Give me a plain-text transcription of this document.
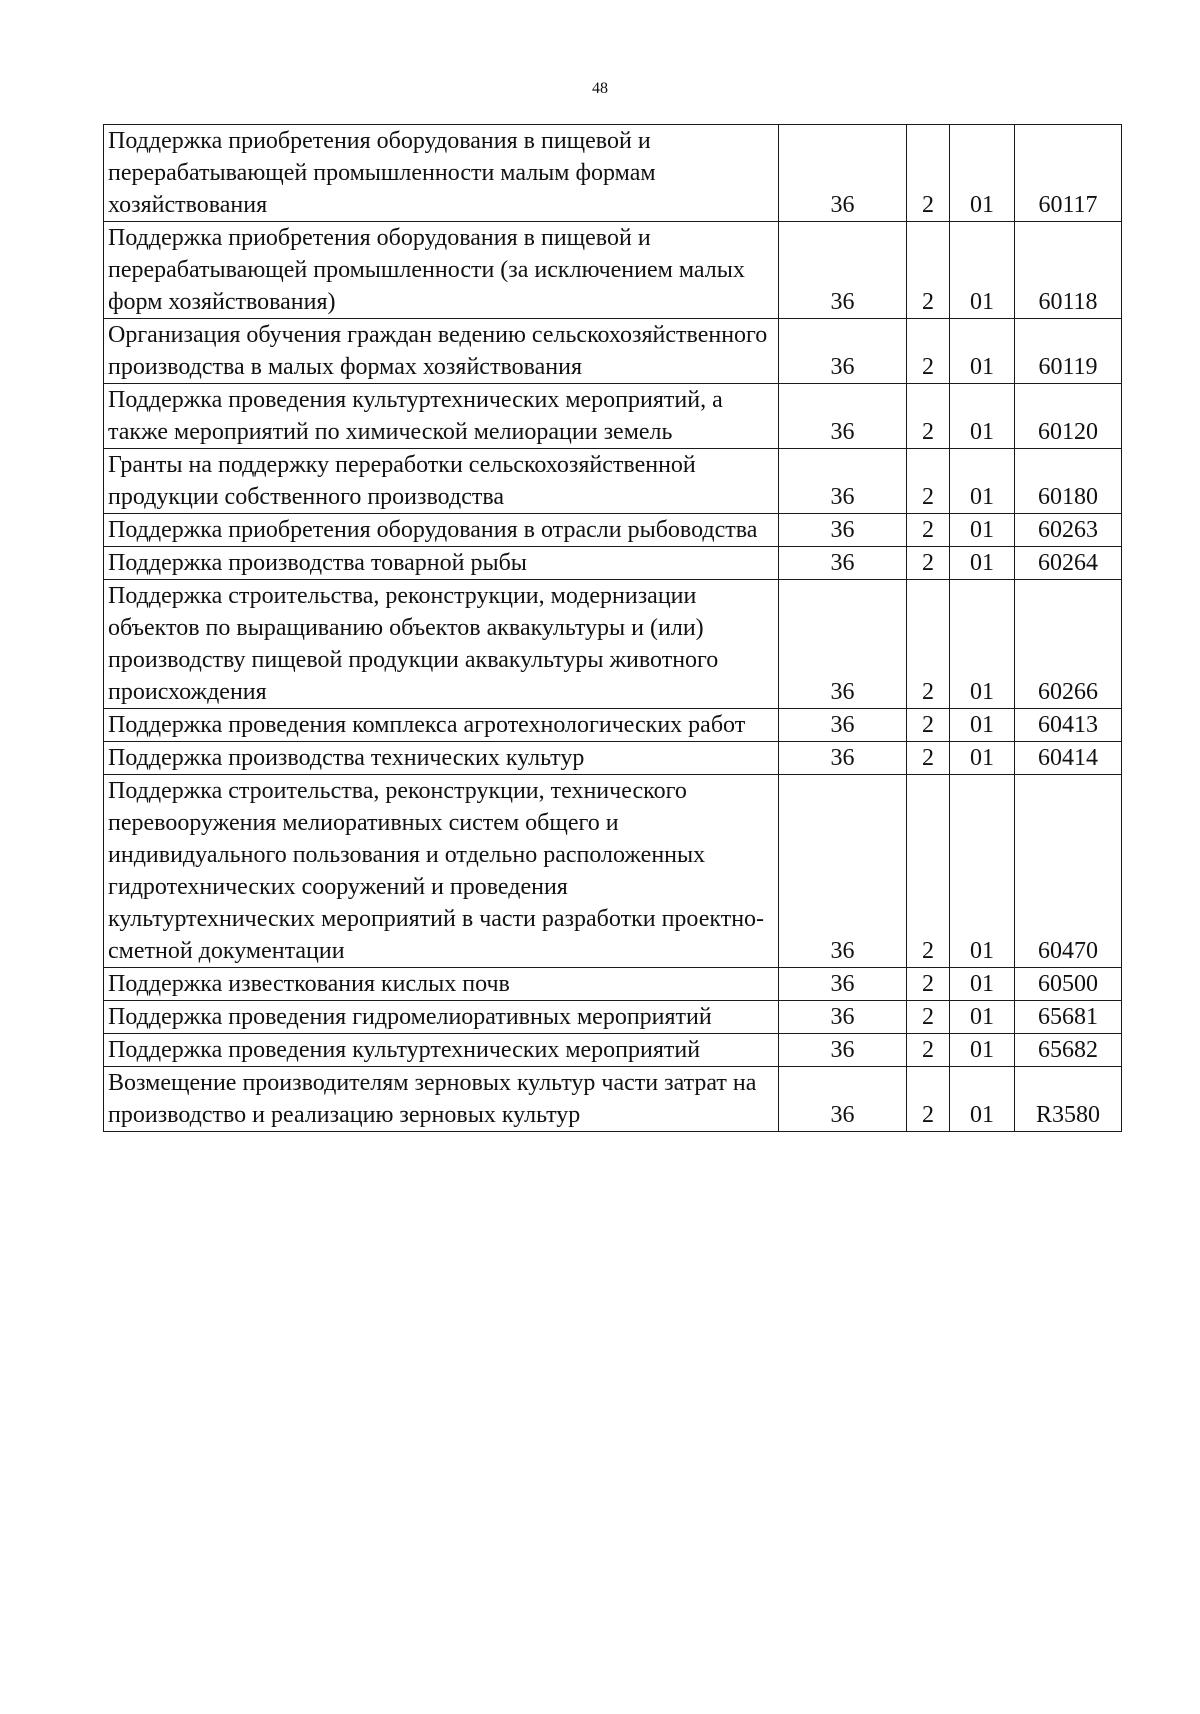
48
Поддержка приобретения оборудования в пищевой и перерабатывающей промышленности малым формам хозяйствования	36	2	01	60117
Поддержка приобретения оборудования в пищевой и перерабатывающей промышленности (за исключением малых форм хозяйствования)	36	2	01	60118
Организация обучения граждан ведению сельскохозяйственного производства в малых формах хозяйствования	36	2	01	60119
Поддержка проведения культуртехнических мероприятий, а также мероприятий по химической мелиорации земель	36	2	01	60120
Гранты на поддержку переработки сельскохозяйственной продукции собственного производства	36	2	01	60180
Поддержка приобретения оборудования в отрасли рыбоводства	36	2	01	60263
Поддержка производства товарной рыбы	36	2	01	60264
Поддержка строительства, реконструкции, модернизации объектов по выращиванию объектов аквакультуры и (или) производству пищевой продукции аквакультуры животного происхождения	36	2	01	60266
Поддержка проведения комплекса агротехнологических работ	36	2	01	60413
Поддержка производства технических культур	36	2	01	60414
Поддержка строительства, реконструкции, технического перевооружения мелиоративных систем общего и индивидуального пользования и отдельно расположенных гидротехнических сооружений и проведения культуртехнических мероприятий в части разработки проектно-сметной документации	36	2	01	60470
Поддержка известкования кислых почв	36	2	01	60500
Поддержка проведения гидромелиоративных мероприятий	36	2	01	65681
Поддержка проведения культуртехнических мероприятий	36	2	01	65682
Возмещение производителям зерновых культур части затрат на производство и реализацию зерновых культур	36	2	01	R3580
